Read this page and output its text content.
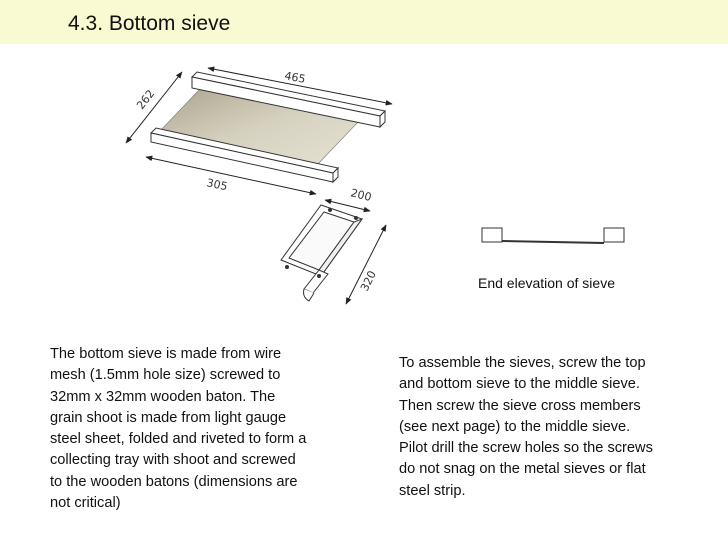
4.3. Bottom sieve
465
262
305
200
320	End elevation of sieve

The bottom sieve is made from wire
mesh (1.5mm hole size) screwed to
32mm x 32mm wooden baton. The
grain shoot is made from light gauge
steel sheet, folded and riveted to form a
collecting tray with shoot and screwed
to the wooden batons (dimensions are
not critical)

To assemble the sieves, screw the top
and bottom sieve to the middle sieve.
Then screw the sieve cross members
(see next page) to the middle sieve.
Pilot drill the screw holes so the screws
do not snag on the metal sieves or flat
steel strip.
